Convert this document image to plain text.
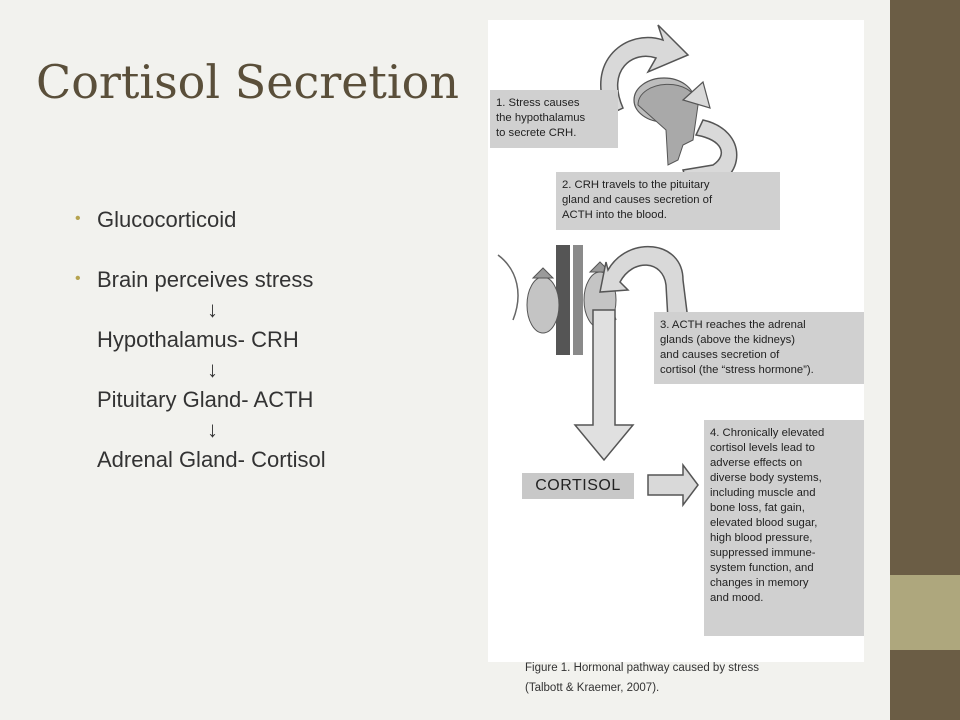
Cortisol Secretion
• Glucocorticoid
• Brain perceives stress
↓
Hypothalamus- CRH
↓
Pituitary Gland- ACTH
↓
Adrenal Gland- Cortisol
1. Stress causes
the hypothalamus
to secrete CRH.
2. CRH travels to the pituitary
gland and causes secretion of
ACTH into the blood.
3. ACTH reaches the adrenal
glands (above the kidneys)
and causes secretion of
cortisol (the “stress hormone”).
CORTISOL
4. Chronically elevated
cortisol levels lead to
adverse effects on
diverse body systems,
including muscle and
bone loss, fat gain,
elevated blood sugar,
high blood pressure,
suppressed immune-
system function, and
changes in memory
and mood.
Figure 1. Hormonal pathway caused by stress
(Talbott & Kraemer, 2007).
